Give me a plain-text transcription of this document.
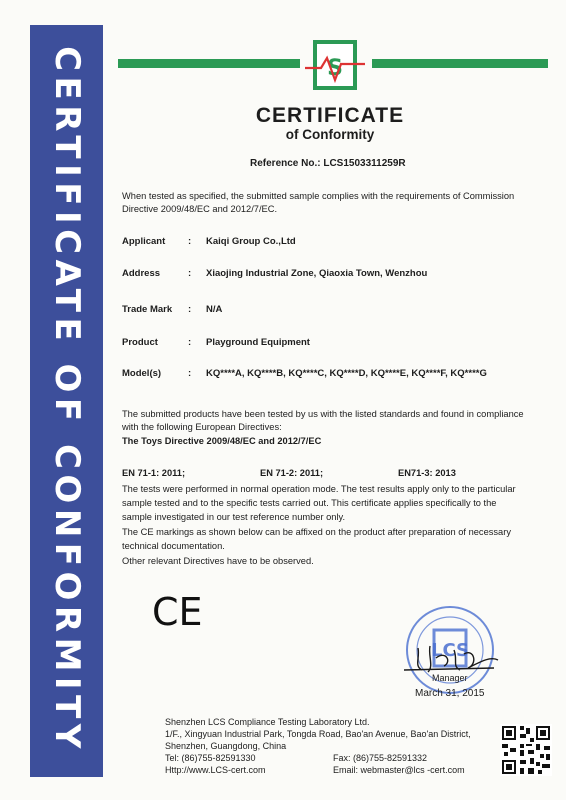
CERTIFICATE OF CONFORMITY	S
CERTIFICATE
of Conformity
Reference No.: LCS1503311259R
When tested as specified, the submitted sample complies with the requirements of Commission
Directive 2009/48/EC and 2012/7/EC.
Applicant : Kaiqi Group Co.,Ltd
Address	: Xiaojing Industrial Zone, Qiaoxia Town, Wenzhou
Trade Mark : N/A
Product	: Playground Equipment
Model(s)	: KQ****A, KQ****B, KQ****C, KQ****D, KQ****E, KQ****F, KQ****G
The submitted products have been tested by us with the listed standards and found in compliance
with the following European Directives:
The Toys Directive 2009/48/EC and 2012/7/EC
EN 71-1: 2011;	EN 71-2: 2011;	EN71-3: 2013
The tests were performed in normal operation mode. The test results apply only to the particular
sample tested and to the specific tests carried out. This certificate applies specifically to the
sample investigated in our test reference number only.
The CE markings as shown below can be affixed on the product after preparation of necessary
technical documentation.
Other relevant Directives have to be observed.
CE
LCS
Manager
March 31, 2015
Shenzhen LCS Compliance Testing Laboratory Ltd.
1/F., Xingyuan Industrial Park, Tongda Road, Bao'an Avenue, Bao'an District,
Shenzhen, Guangdong, China
Tel: (86)755-82591330	Fax: (86)755-82591332
Http://www.LCS-cert.com	Email: webmaster@lcs -cert.com
